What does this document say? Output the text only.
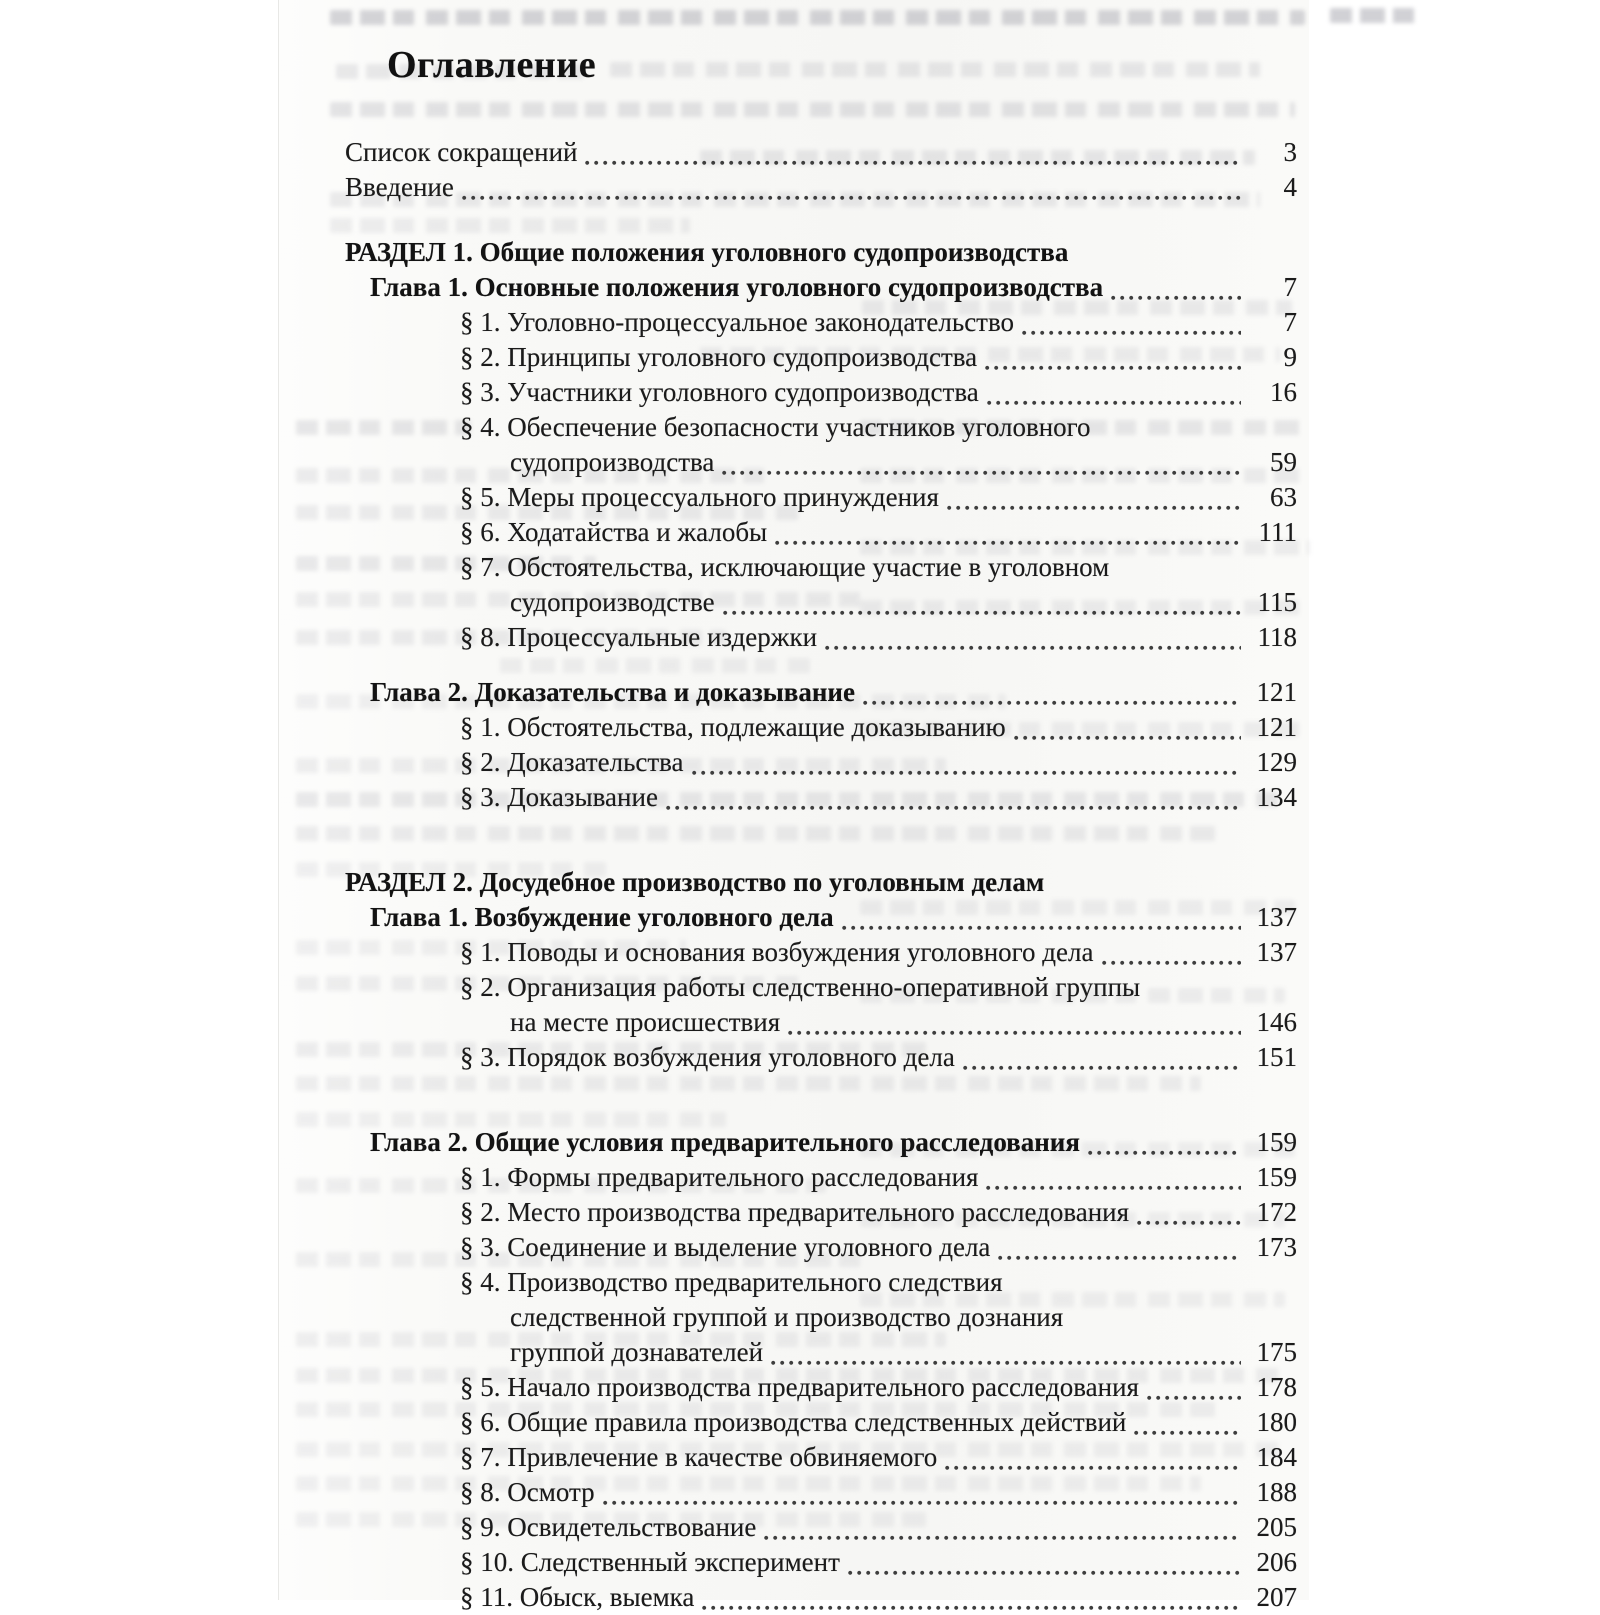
Оглавление
Список сокращений	3
Введение	4
РАЗДЕЛ 1. Общие положения уголовного судопроизводства
Глава 1. Основные положения уголовного судопроизводства	7
§ 1. Уголовно-процессуальное законодательство	7
§ 2. Принципы уголовного судопроизводства	9
§ 3. Участники уголовного судопроизводства	16
§ 4. Обеспечение безопасности участников уголовного
судопроизводства	59
§ 5. Меры процессуального принуждения	63
§ 6. Ходатайства и жалобы	111
§ 7. Обстоятельства, исключающие участие в уголовном
судопроизводстве	115
§ 8. Процессуальные издержки	118
Глава 2. Доказательства и доказывание	121
§ 1. Обстоятельства, подлежащие доказыванию	121
§ 2. Доказательства	129
§ 3. Доказывание	134
РАЗДЕЛ 2. Досудебное производство по уголовным делам
Глава 1. Возбуждение уголовного дела	137
§ 1. Поводы и основания возбуждения уголовного дела	137
§ 2. Организация работы следственно-оперативной группы
на месте происшествия	146
§ 3. Порядок возбуждения уголовного дела	151
Глава 2. Общие условия предварительного расследования	159
§ 1. Формы предварительного расследования	159
§ 2. Место производства предварительного расследования	172
§ 3. Соединение и выделение уголовного дела	173
§ 4. Производство предварительного следствия
следственной группой и производство дознания
группой дознавателей	175
§ 5. Начало производства предварительного расследования	178
§ 6. Общие правила производства следственных действий	180
§ 7. Привлечение в качестве обвиняемого	184
§ 8. Осмотр	188
§ 9. Освидетельствование	205
§ 10. Следственный эксперимент	206
§ 11. Обыск, выемка	207
